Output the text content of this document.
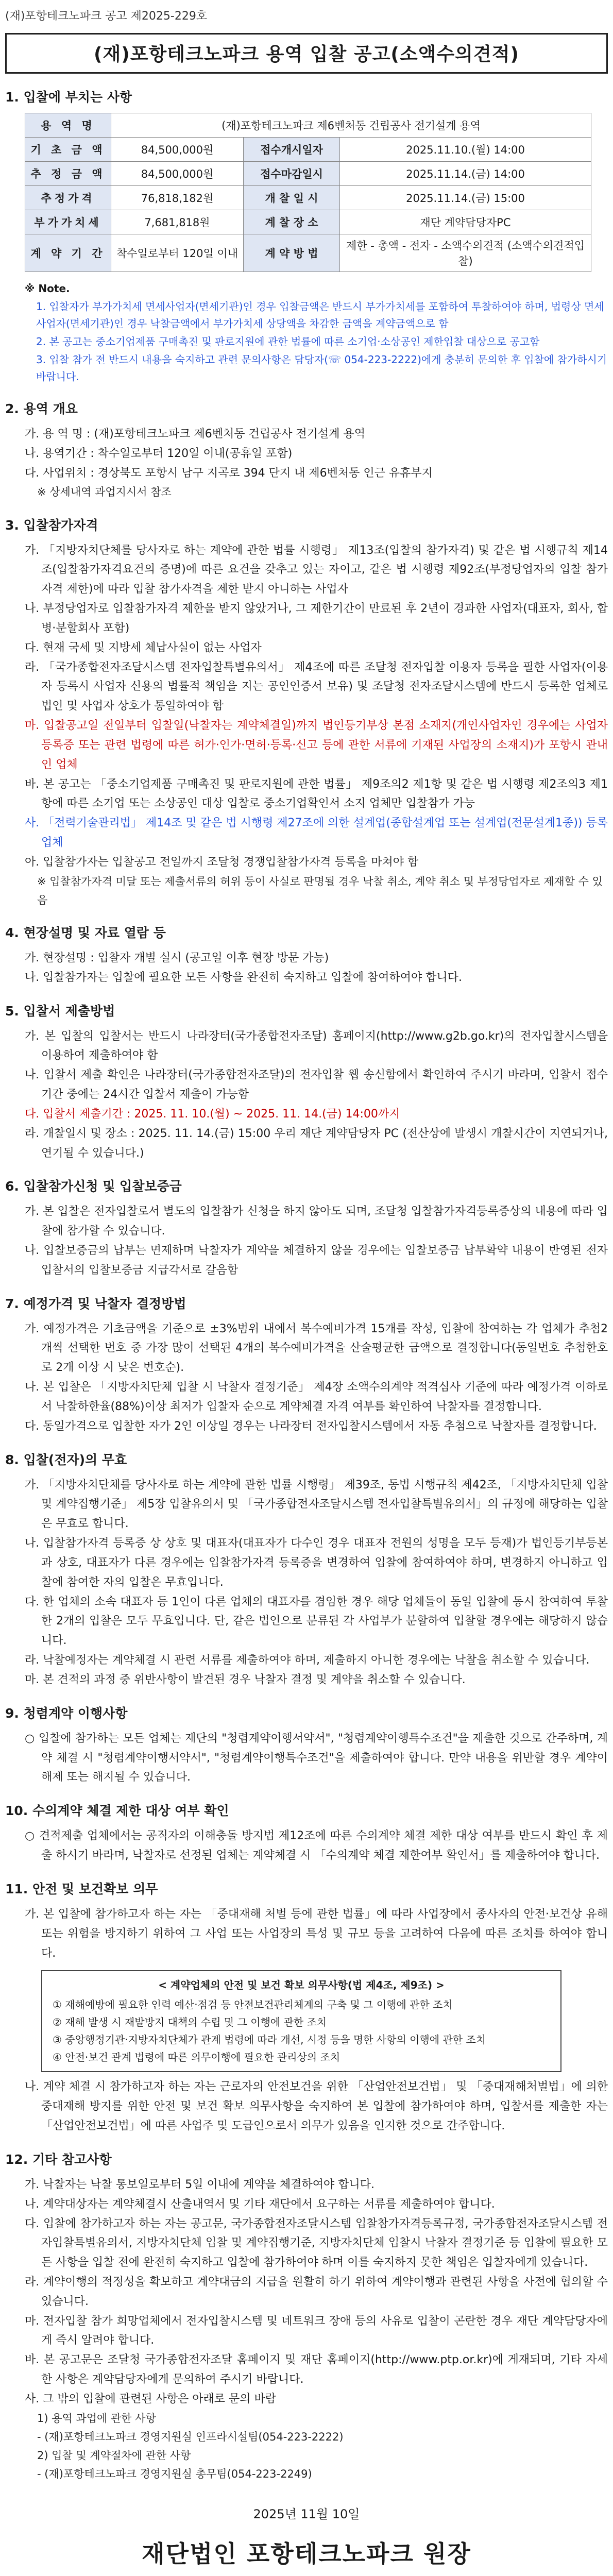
(재)포항테크노파크 공고 제2025-229호
(재)포항테크노파크 용역 입찰 공고(소액수의견적)
1. 입찰에 부치는 사항
용 역 명	(재)포항테크노파크 제6벤처동 건립공사 전기설계 용역		
기 초 금 액	84,500,000원	접수개시일자	2025.11.10.(월) 14:00
추 정 금 액	84,500,000원	접수마감일시	2025.11.14.(금) 14:00
추정가격	76,818,182원	개 찰 일 시	2025.11.14.(금) 15:00
부가가치세	7,681,818원	계 찰 장 소	재단 계약담당자PC
계 약 기 간	착수일로부터 120일 이내	계 약 방 법	제한 - 총액 - 전자 - 소액수의견적 (소액수의견적입찰)
※ Note.

1. 입찰자가 부가가치세 면세사업자(면세기관)인 경우 입찰금액은 반드시 부가가치세를 포함하여 투찰하여야 하며, 법령상 면세사업자(면세기관)인 경우 낙찰금액에서 부가가치세 상당액을 차감한 금액을 계약금액으로 함

2. 본 공고는 중소기업제품 구매촉진 및 판로지원에 관한 법률에 따른 소기업·소상공인 제한입찰 대상으로 공고함

3. 입찰 참가 전 반드시 내용을 숙지하고 관련 문의사항은 담당자(☏ 054-223-2222)에게 충분히 문의한 후 입찰에 참가하시기 바랍니다.

2. 용역 개요
가. 용 역 명 : (재)포항테크노파크 제6벤처동 건립공사 전기설계 용역
나. 용역기간 : 착수일로부터 120일 이내(공휴일 포함)
다. 사업위치 : 경상북도 포항시 남구 지곡로 394 단지 내 제6벤처동 인근 유휴부지
※ 상세내역 과업지시서 참조
3. 입찰참가자격
가. 「지방자치단체를 당사자로 하는 계약에 관한 법률 시행령」 제13조(입찰의 참가자격) 및 같은 법 시행규칙 제14조(입찰참가자격요건의 증명)에 따른 요건을 갖추고 있는 자이고, 같은 법 시행령 제92조(부정당업자의 입찰 참가자격 제한)에 따라 입찰 참가자격을 제한 받지 아니하는 사업자
나. 부정당업자로 입찰참가자격 제한을 받지 않았거나, 그 제한기간이 만료된 후 2년이 경과한 사업자(대표자, 회사, 합병·분할회사 포함)
다. 현재 국세 및 지방세 체납사실이 없는 사업자
라. 「국가종합전자조달시스템 전자입찰특별유의서」 제4조에 따른 조달청 전자입찰 이용자 등록을 필한 사업자(이용자 등록시 사업자 신용의 법률적 책임을 지는 공인인증서 보유) 및 조달청 전자조달시스템에 반드시 등록한 업체로 법인 및 사업자 상호가 통일하여야 함
마. 입찰공고일 전일부터 입찰일(낙찰자는 계약체결일)까지 법인등기부상 본점 소재지(개인사업자인 경우에는 사업자등록증 또는 관련 법령에 따른 허가·인가·면허·등록·신고 등에 관한 서류에 기재된 사업장의 소재지)가 포항시 관내인 업체
바. 본 공고는 「중소기업제품 구매촉진 및 판로지원에 관한 법률」 제9조의2 제1항 및 같은 법 시행령 제2조의3 제1항에 따른 소기업 또는 소상공인 대상 입찰로 중소기업확인서 소지 업체만 입찰참가 가능
사. 「전력기술관리법」 제14조 및 같은 법 시행령 제27조에 의한 설계업(종합설계업 또는 설계업(전문설계1종)) 등록업체
아. 입찰참가자는 입찰공고 전일까지 조달청 경쟁입찰참가자격 등록을 마쳐야 함
※ 입찰참가자격 미달 또는 제출서류의 허위 등이 사실로 판명될 경우 낙찰 취소, 계약 취소 및 부정당업자로 제재할 수 있음
4. 현장설명 및 자료 열람 등
가. 현장설명 : 입찰자 개별 실시 (공고일 이후 현장 방문 가능)
나. 입찰참가자는 입찰에 필요한 모든 사항을 완전히 숙지하고 입찰에 참여하여야 합니다.
5. 입찰서 제출방법
가. 본 입찰의 입찰서는 반드시 나라장터(국가종합전자조달) 홈페이지(http://www.g2b.go.kr)의 전자입찰시스템을 이용하여 제출하여야 함
나. 입찰서 제출 확인은 나라장터(국가종합전자조달)의 전자입찰 웹 송신함에서 확인하여 주시기 바라며, 입찰서 접수기간 중에는 24시간 입찰서 제출이 가능함
다. 입찰서 제출기간 : 2025. 11. 10.(월) ~ 2025. 11. 14.(금) 14:00까지
라. 개찰일시 및 장소 : 2025. 11. 14.(금) 15:00 우리 재단 계약담당자 PC (전산상에 발생시 개찰시간이 지연되거나, 연기될 수 있습니다.)
6. 입찰참가신청 및 입찰보증금
가. 본 입찰은 전자입찰로서 별도의 입찰참가 신청을 하지 않아도 되며, 조달청 입찰참가자격등록증상의 내용에 따라 입찰에 참가할 수 있습니다.
나. 입찰보증금의 납부는 면제하며 낙찰자가 계약을 체결하지 않을 경우에는 입찰보증금 납부확약 내용이 반영된 전자입찰서의 입찰보증금 지급각서로 갈음함
7. 예정가격 및 낙찰자 결정방법
가. 예정가격은 기초금액을 기준으로 ±3%범위 내에서 복수예비가격 15개를 작성, 입찰에 참여하는 각 업체가 추첨2개씩 선택한 번호 중 가장 많이 선택된 4개의 복수예비가격을 산술평균한 금액으로 결정합니다(동일번호 추첨한호로 2개 이상 시 낮은 번호순).
나. 본 입찰은 「지방자치단체 입찰 시 낙찰자 결정기준」 제4장 소액수의계약 적격심사 기준에 따라 예정가격 이하로서 낙찰하한율(88%)이상 최저가 입찰자 순으로 계약체결 자격 여부를 확인하여 낙찰자를 결정합니다.
다. 동일가격으로 입찰한 자가 2인 이상일 경우는 나라장터 전자입찰시스템에서 자동 추첨으로 낙찰자를 결정합니다.
8. 입찰(전자)의 무효
가. 「지방자치단체를 당사자로 하는 계약에 관한 법률 시행령」 제39조, 동법 시행규칙 제42조, 「지방자치단체 입찰 및 계약집행기준」 제5장 입찰유의서 및 「국가종합전자조달시스템 전자입찰특별유의서」의 규정에 해당하는 입찰은 무효로 합니다.
나. 입찰참가자격 등록증 상 상호 및 대표자(대표자가 다수인 경우 대표자 전원의 성명을 모두 등재)가 법인등기부등본과 상호, 대표자가 다른 경우에는 입찰참가자격 등록증을 변경하여 입찰에 참여하여야 하며, 변경하지 아니하고 입찰에 참여한 자의 입찰은 무효입니다.
다. 한 업체의 소속 대표자 등 1인이 다른 업체의 대표자를 겸임한 경우 해당 업체들이 동일 입찰에 동시 참여하여 투찰한 2개의 입찰은 모두 무효입니다. 단, 같은 법인으로 분류된 각 사업부가 분할하여 입찰할 경우에는 해당하지 않습니다.
라. 낙찰예정자는 계약체결 시 관련 서류를 제출하여야 하며, 제출하지 아니한 경우에는 낙찰을 취소할 수 있습니다.
마. 본 견적의 과정 중 위반사항이 발견된 경우 낙찰자 결정 및 계약을 취소할 수 있습니다.
9. 청렴계약 이행사항
○ 입찰에 참가하는 모든 업체는 재단의 "청렴계약이행서약서", "청렴계약이행특수조건"을 제출한 것으로 간주하며, 계약 체결 시 "청렴계약이행서약서", "청렴계약이행특수조건"을 제출하여야 합니다. 만약 내용을 위반할 경우 계약이 해제 또는 해지될 수 있습니다.
10. 수의계약 체결 제한 대상 여부 확인
○ 견적제출 업체에서는 공직자의 이해충돌 방지법 제12조에 따른 수의계약 체결 제한 대상 여부를 반드시 확인 후 제출 하시기 바라며, 낙찰자로 선정된 업체는 계약체결 시 「수의계약 체결 제한여부 확인서」를 제출하여야 합니다.
11. 안전 및 보건확보 의무
가. 본 입찰에 참가하고자 하는 자는 「중대재해 처벌 등에 관한 법률」에 따라 사업장에서 종사자의 안전·보건상 유해 또는 위험을 방지하기 위하여 그 사업 또는 사업장의 특성 및 규모 등을 고려하여 다음에 따른 조치를 하여야 합니다.
< 계약업체의 안전 및 보건 확보 의무사항(법 제4조, 제9조) >
① 재해예방에 필요한 인력 예산·점검 등 안전보건관리체계의 구축 및 그 이행에 관한 조치
② 재해 발생 시 재발방지 대책의 수립 및 그 이행에 관한 조치
③ 중앙행정기관·지방자치단체가 관계 법령에 따라 개선, 시정 등을 명한 사항의 이행에 관한 조치
④ 안전·보건 관계 법령에 따른 의무이행에 필요한 관리상의 조치
나. 계약 체결 시 참가하고자 하는 자는 근로자의 안전보건을 위한 「산업안전보건법」 및 「중대재해처벌법」에 의한 중대재해 방지를 위한 안전 및 보건 확보 의무사항을 숙지하여 본 입찰에 참가하여야 하며, 입찰서를 제출한 자는 「산업안전보건법」에 따른 사업주 및 도급인으로서 의무가 있음을 인지한 것으로 간주합니다.
12. 기타 참고사항
가. 낙찰자는 낙찰 통보일로부터 5일 이내에 계약을 체결하여야 합니다.
나. 계약대상자는 계약체결시 산출내역서 및 기타 재단에서 요구하는 서류를 제출하여야 합니다.
다. 입찰에 참가하고자 하는 자는 공고문, 국가종합전자조달시스템 입찰참가자격등록규정, 국가종합전자조달시스템 전자입찰특별유의서, 지방자치단체 입찰 및 계약집행기준, 지방자치단체 입찰시 낙찰자 결정기준 등 입찰에 필요한 모든 사항을 입찰 전에 완전히 숙지하고 입찰에 참가하여야 하며 이를 숙지하지 못한 책임은 입찰자에게 있습니다.
라. 계약이행의 적정성을 확보하고 계약대금의 지급을 원활히 하기 위하여 계약이행과 관련된 사항을 사전에 협의할 수 있습니다.
마. 전자입찰 참가 희망업체에서 전자입찰시스템 및 네트워크 장애 등의 사유로 입찰이 곤란한 경우 재단 계약담당자에게 즉시 알려야 합니다.
바. 본 공고문은 조달청 국가종합전자조달 홈페이지 및 재단 홈페이지(http://www.ptp.or.kr)에 게재되며, 기타 자세한 사항은 계약담당자에게 문의하여 주시기 바랍니다.
사. 그 밖의 입찰에 관련된 사항은 아래로 문의 바람
1) 용역 과업에 관한 사항
- (재)포항테크노파크 경영지원실 인프라시설팀(054-223-2222)
2) 입찰 및 계약절차에 관한 사항
- (재)포항테크노파크 경영지원실 총무팀(054-223-2249)
2025년 11월 10일
재단법인 포항테크노파크 원장
